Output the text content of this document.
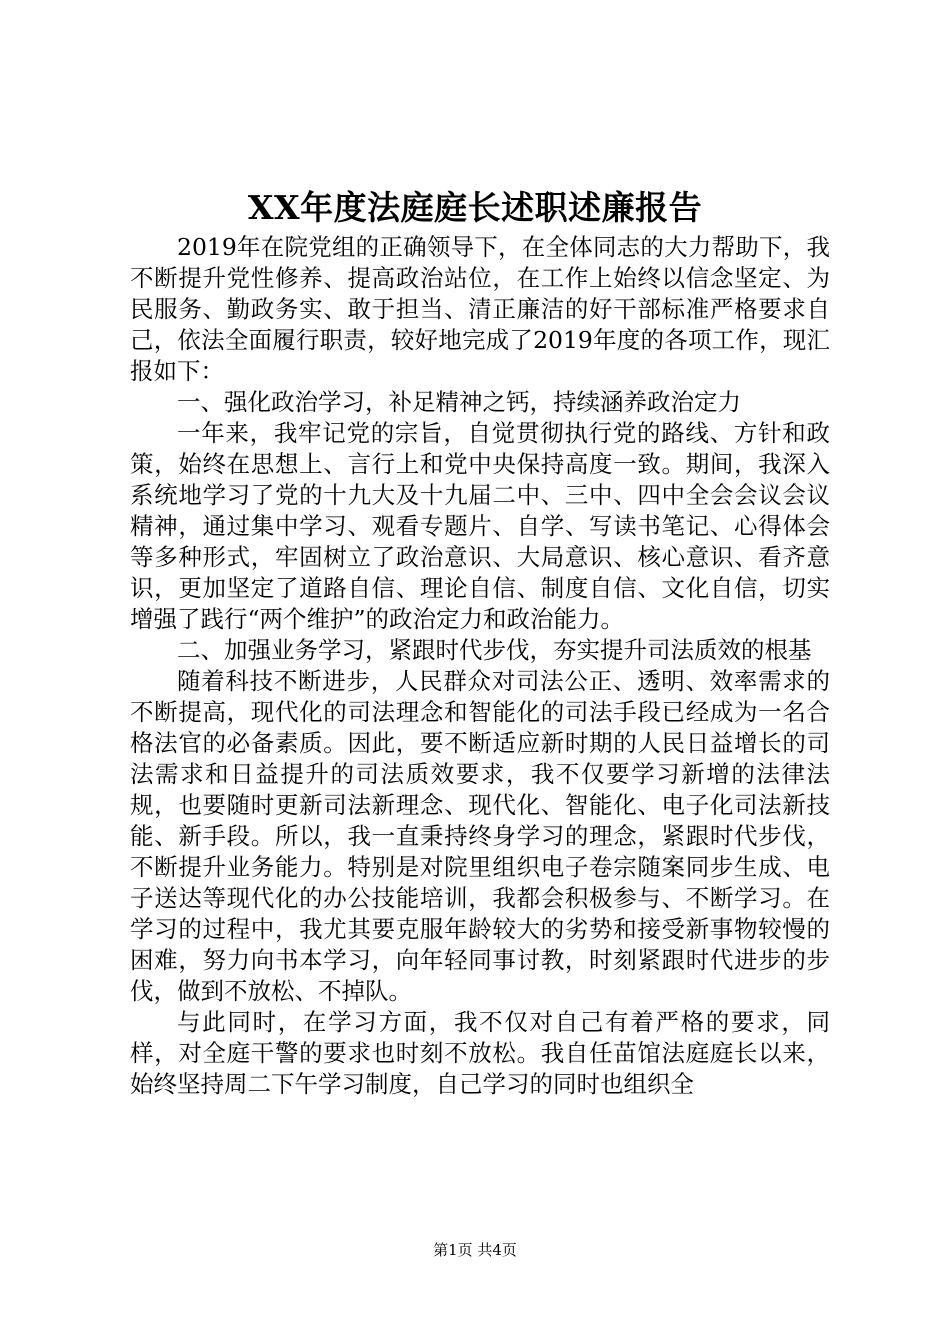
XX年度法庭庭长述职述廉报告

2019年在院党组的正确领导下，在全体同志的大力帮助下，我不断提升党性修养、提高政治站位，在工作上始终以信念坚定、为民服务、勤政务实、敢于担当、清正廉洁的好干部标准严格要求自己，依法全面履行职责，较好地完成了2019年度的各项工作，现汇报如下：

一、强化政治学习，补足精神之钙，持续涵养政治定力

一年来，我牢记党的宗旨，自觉贯彻执行党的路线、方针和政策，始终在思想上、言行上和党中央保持高度一致。期间，我深入系统地学习了党的十九大及十九届二中、三中、四中全会会议会议精神，通过集中学习、观看专题片、自学、写读书笔记、心得体会等多种形式，牢固树立了政治意识、大局意识、核心意识、看齐意识，更加坚定了道路自信、理论自信、制度自信、文化自信，切实增强了践行“两个维护”的政治定力和政治能力。

二、加强业务学习，紧跟时代步伐，夯实提升司法质效的根基

随着科技不断进步，人民群众对司法公正、透明、效率需求的不断提高，现代化的司法理念和智能化的司法手段已经成为一名合格法官的必备素质。因此，要不断适应新时期的人民日益增长的司法需求和日益提升的司法质效要求，我不仅要学习新增的法律法规，也要随时更新司法新理念、现代化、智能化、电子化司法新技能、新手段。所以，我一直秉持终身学习的理念，紧跟时代步伐，不断提升业务能力。特别是对院里组织电子卷宗随案同步生成、电子送达等现代化的办公技能培训，我都会积极参与、不断学习。在学习的过程中，我尤其要克服年龄较大的劣势和接受新事物较慢的困难，努力向书本学习，向年轻同事讨教，时刻紧跟时代进步的步伐，做到不放松、不掉队。

与此同时，在学习方面，我不仅对自己有着严格的要求，同样，对全庭干警的要求也时刻不放松。我自任苗馆法庭庭长以来，始终坚持周二下午学习制度，自己学习的同时也组织全

第1页 共4页
